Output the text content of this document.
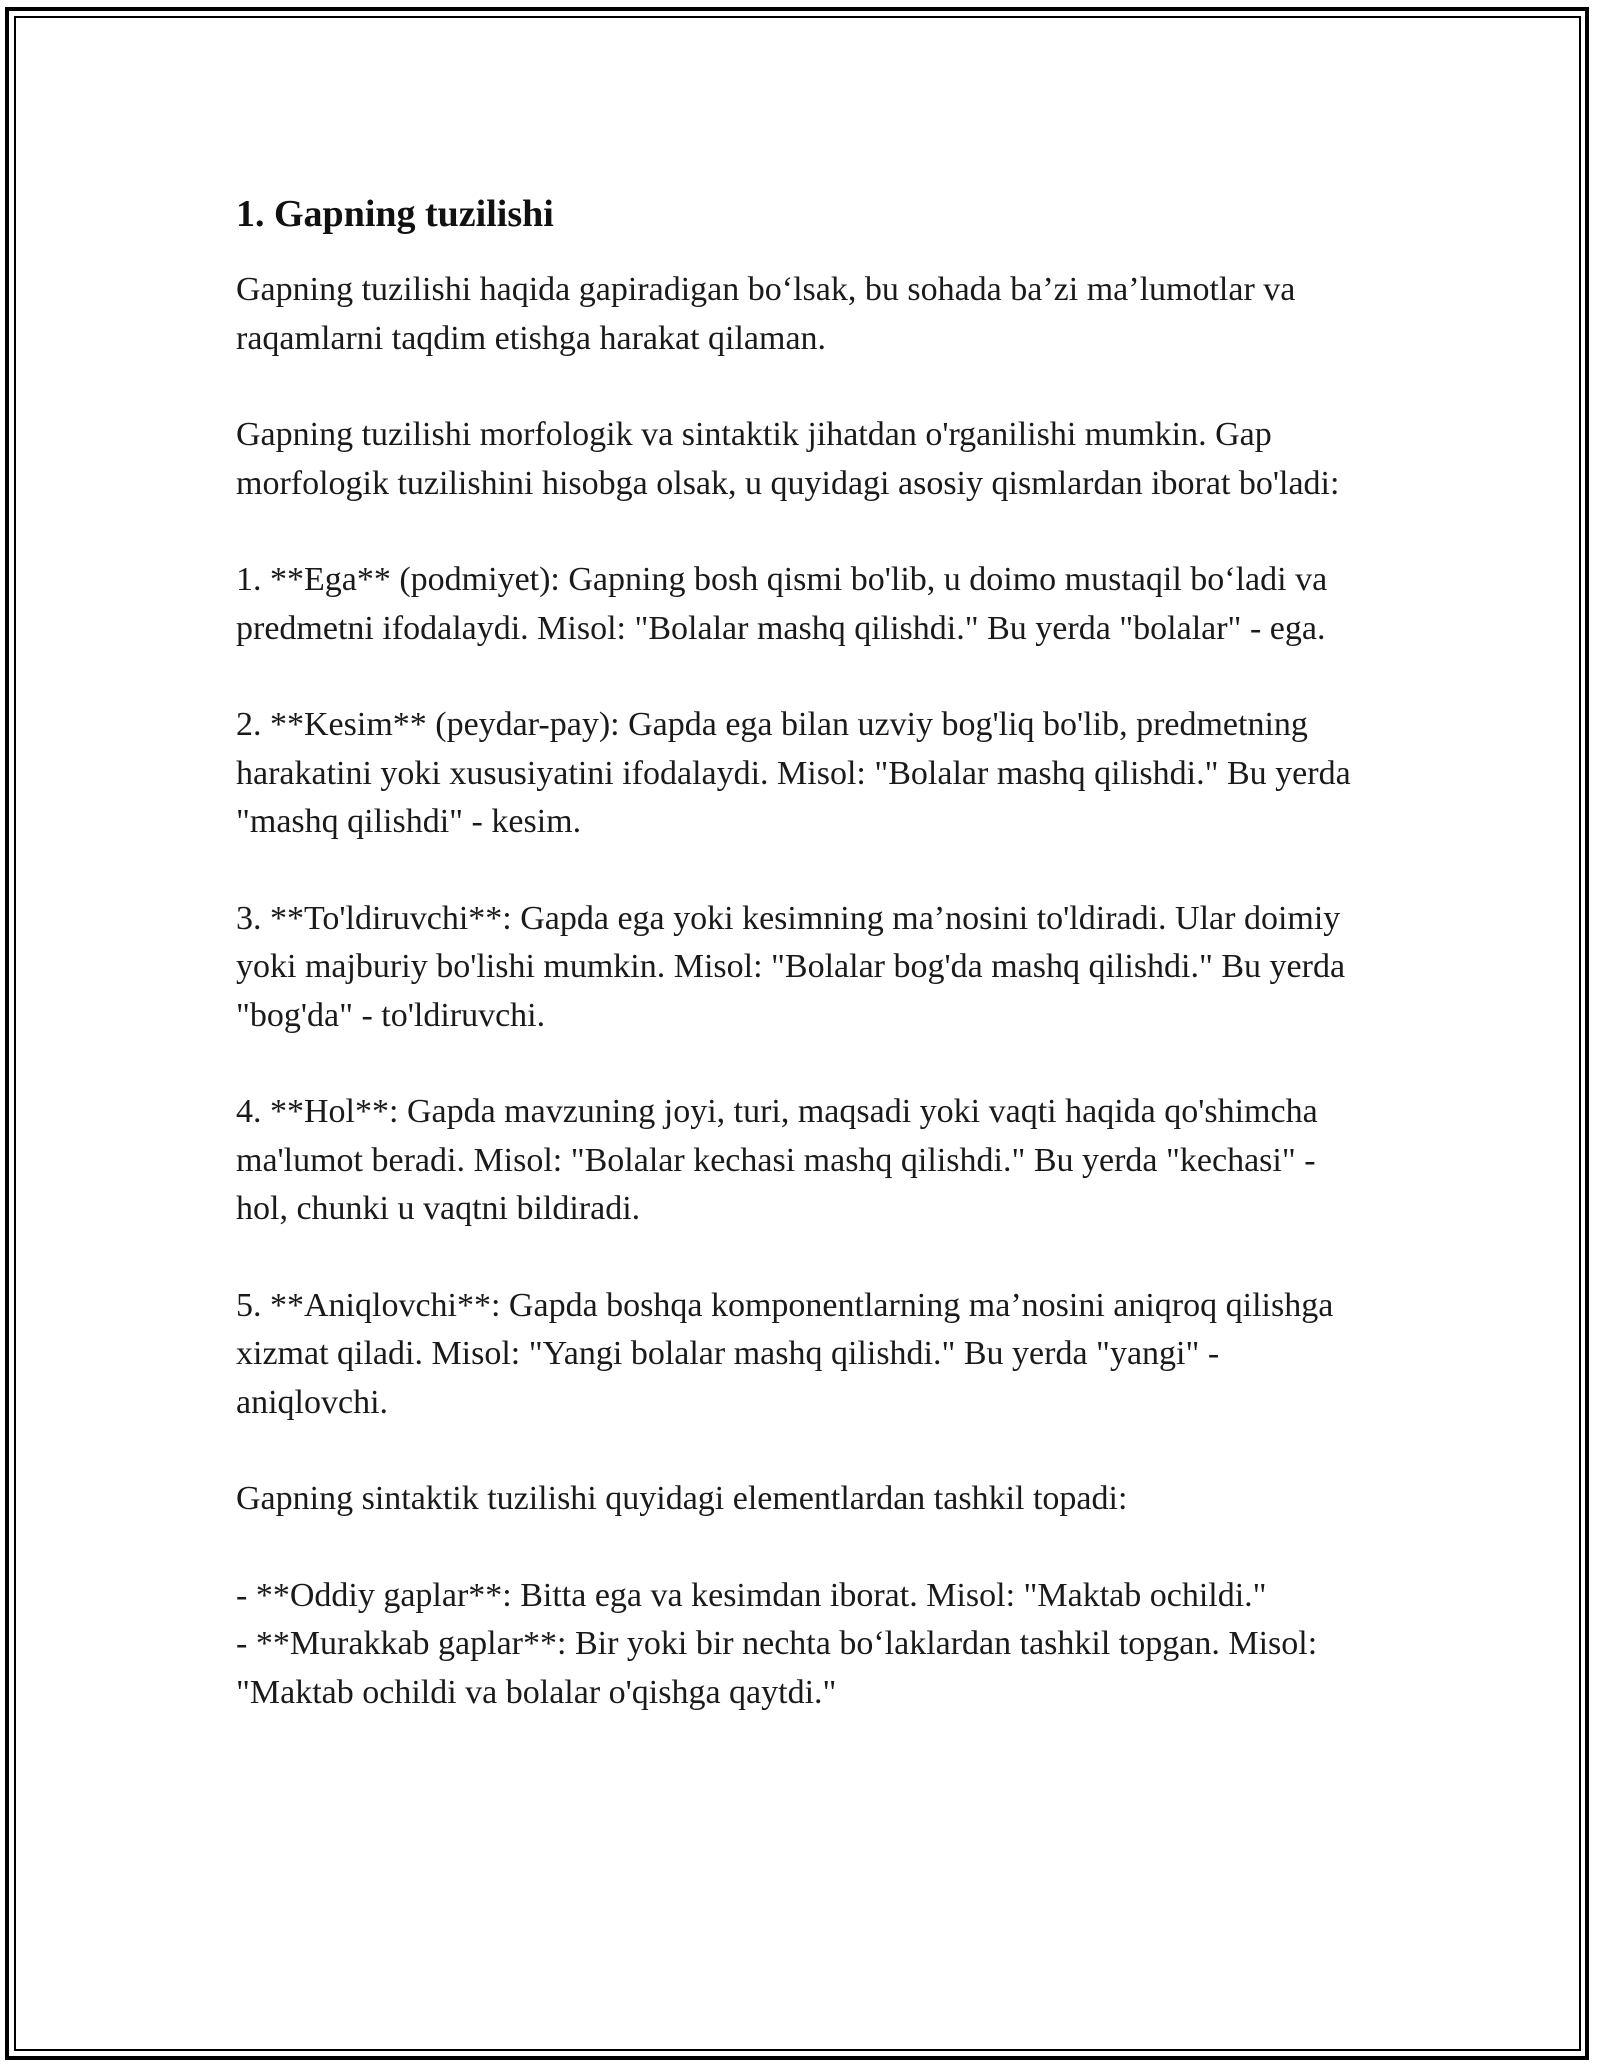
1. Gapning tuzilishi

Gapning tuzilishi haqida gapiradigan bo‘lsak, bu sohada ba’zi ma’lumotlar va raqamlarni taqdim etishga harakat qilaman.

Gapning tuzilishi morfologik va sintaktik jihatdan o'rganilishi mumkin. Gap morfologik tuzilishini hisobga olsak, u quyidagi asosiy qismlardan iborat bo'ladi:

1. **Ega** (podmiyet): Gapning bosh qismi bo'lib, u doimo mustaqil bo‘ladi va predmetni ifodalaydi. Misol: "Bolalar mashq qilishdi." Bu yerda "bolalar" - ega.

2. **Kesim** (peydar-pay): Gapda ega bilan uzviy bog'liq bo'lib, predmetning harakatini yoki xususiyatini ifodalaydi. Misol: "Bolalar mashq qilishdi." Bu yerda "mashq qilishdi" - kesim.

3. **To'ldiruvchi**: Gapda ega yoki kesimning ma’nosini to'ldiradi. Ular doimiy yoki majburiy bo'lishi mumkin. Misol: "Bolalar bog'da mashq qilishdi." Bu yerda "bog'da" - to'ldiruvchi.

4. **Hol**: Gapda mavzuning joyi, turi, maqsadi yoki vaqti haqida qo'shimcha ma'lumot beradi. Misol: "Bolalar kechasi mashq qilishdi." Bu yerda "kechasi" - hol, chunki u vaqtni bildiradi.

5. **Aniqlovchi**: Gapda boshqa komponentlarning ma’nosini aniqroq qilishga xizmat qiladi. Misol: "Yangi bolalar mashq qilishdi." Bu yerda "yangi" - aniqlovchi.

Gapning sintaktik tuzilishi quyidagi elementlardan tashkil topadi:

- **Oddiy gaplar**: Bitta ega va kesimdan iborat. Misol: "Maktab ochildi."

- **Murakkab gaplar**: Bir yoki bir nechta bo‘laklardan tashkil topgan. Misol: "Maktab ochildi va bolalar o'qishga qaytdi."
